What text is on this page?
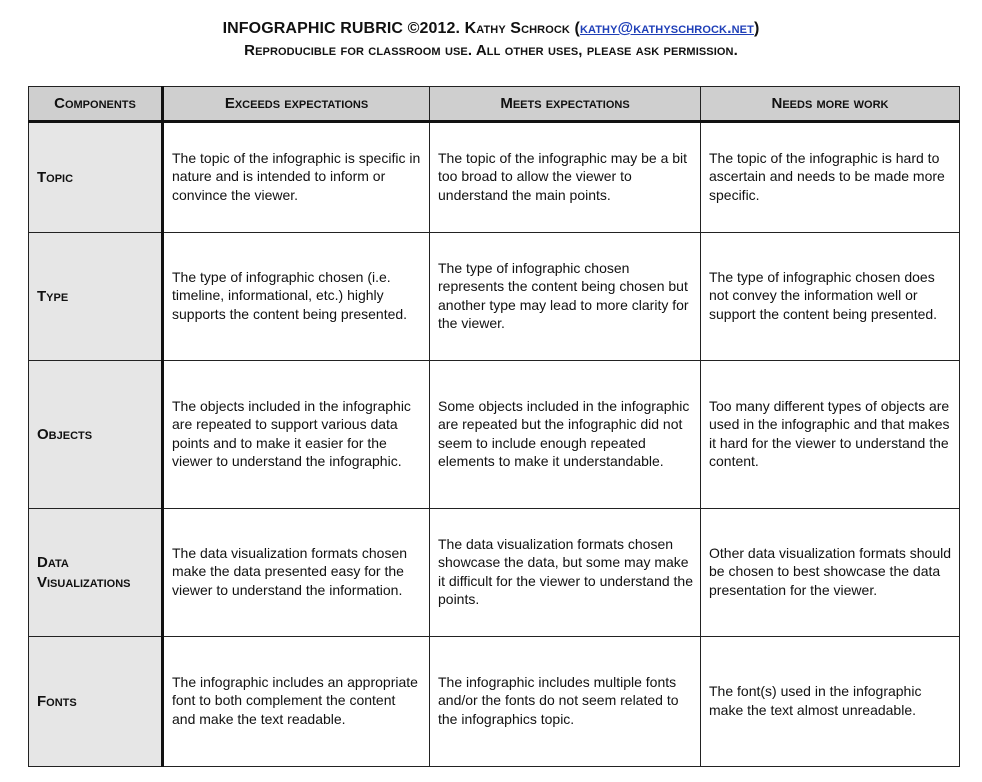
INFOGRAPHIC RUBRIC ©2012. Kathy Schrock (kathy@kathyschrock.net)
Reproducible for classroom use. All other uses, please ask permission.
Components	Exceeds expectations	Meets expectations	Needs more work
Topic	The topic of the infographic is specific in nature and is intended to inform or convince the viewer.	The topic of the infographic may be a bit too broad to allow the viewer to understand the main points.	The topic of the infographic is hard to ascertain and needs to be made more specific.
Type	The type of infographic chosen (i.e. timeline, informational, etc.) highly supports the content being presented.	The type of infographic chosen represents the content being chosen but another type may lead to more clarity for the viewer.	The type of infographic chosen does not convey the information well or support the content being presented.
Objects	The objects included in the infographic are repeated to support various data points and to make it easier for the viewer to understand the infographic.	Some objects included in the infographic are repeated but the infographic did not seem to include enough repeated elements to make it understandable.	Too many different types of objects are used in the infographic and that makes it hard for the viewer to understand the content.
Data Visualizations	The data visualization formats chosen make the data presented easy for the viewer to understand the information.	The data visualization formats chosen showcase the data, but some may make it difficult for the viewer to understand the points.	Other data visualization formats should be chosen to best showcase the data presentation for the viewer.
Fonts	The infographic includes an appropriate font to both complement the content and make the text readable.	The infographic includes multiple fonts and/or the fonts do not seem related to the infographics topic.	The font(s) used in the infographic make the text almost unreadable.
